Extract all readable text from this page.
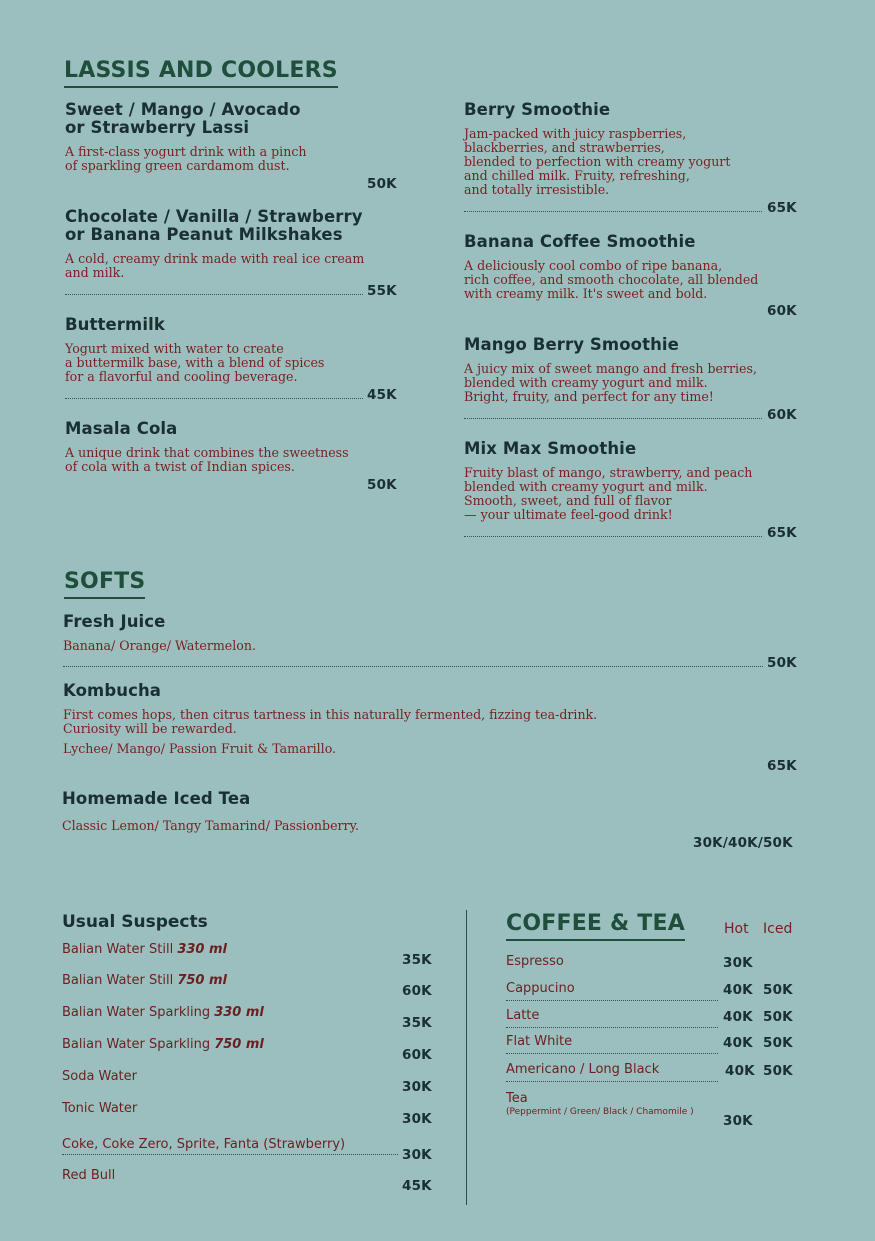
LASSIS AND COOLERS
Sweet / Mango / Avocado
or Strawberry Lassi
A first-class yogurt drink with a pinch
of sparkling green cardamom dust.
50K
Chocolate / Vanilla / Strawberry
or Banana Peanut Milkshakes
A cold, creamy drink made with real ice cream
and milk.
55K
Buttermilk
Yogurt mixed with water to create
a buttermilk base, with a blend of spices
for a flavorful and cooling beverage.
45K
Masala Cola
A unique drink that combines the sweetness
of cola with a twist of Indian spices.
50K
Berry Smoothie
Jam-packed with juicy raspberries,
blackberries, and strawberries,
blended to perfection with creamy yogurt
and chilled milk. Fruity, refreshing,
and totally irresistible.
65K
Banana Coffee Smoothie
A deliciously cool combo of ripe banana,
rich coffee, and smooth chocolate, all blended
with creamy milk. It's sweet and bold.
60K
Mango Berry Smoothie
A juicy mix of sweet mango and fresh berries,
blended with creamy yogurt and milk.
Bright, fruity, and perfect for any time!
60K
Mix Max Smoothie
Fruity blast of mango, strawberry, and peach
blended with creamy yogurt and milk.
Smooth, sweet, and full of flavor
— your ultimate feel-good drink!
65K
SOFTS
Fresh Juice
Banana/ Orange/ Watermelon.
50K
Kombucha
First comes hops, then citrus tartness in this naturally fermented, fizzing tea-drink.
Curiosity will be rewarded.
Lychee/ Mango/ Passion Fruit & Tamarillo.
65K
Homemade Iced Tea
Classic Lemon/ Tangy Tamarind/ Passionberry.
30K/40K/50K
Usual Suspects
Balian Water Still 330 ml
35K
Balian Water Still 750 ml
60K
Balian Water Sparkling 330 ml
35K
Balian Water Sparkling 750 ml
60K
Soda Water
30K
Tonic Water
30K
Coke, Coke Zero, Sprite, Fanta (Strawberry)
30K
Red Bull
45K
COFFEE & TEA	Hot Iced
Espresso	30K
Cappucino	40K 50K
Latte	40K 50K
Flat White	40K 50K
Americano / Long Black	40K 50K
Tea
(Peppermint / Green/ Black / Chamomile )
30K
